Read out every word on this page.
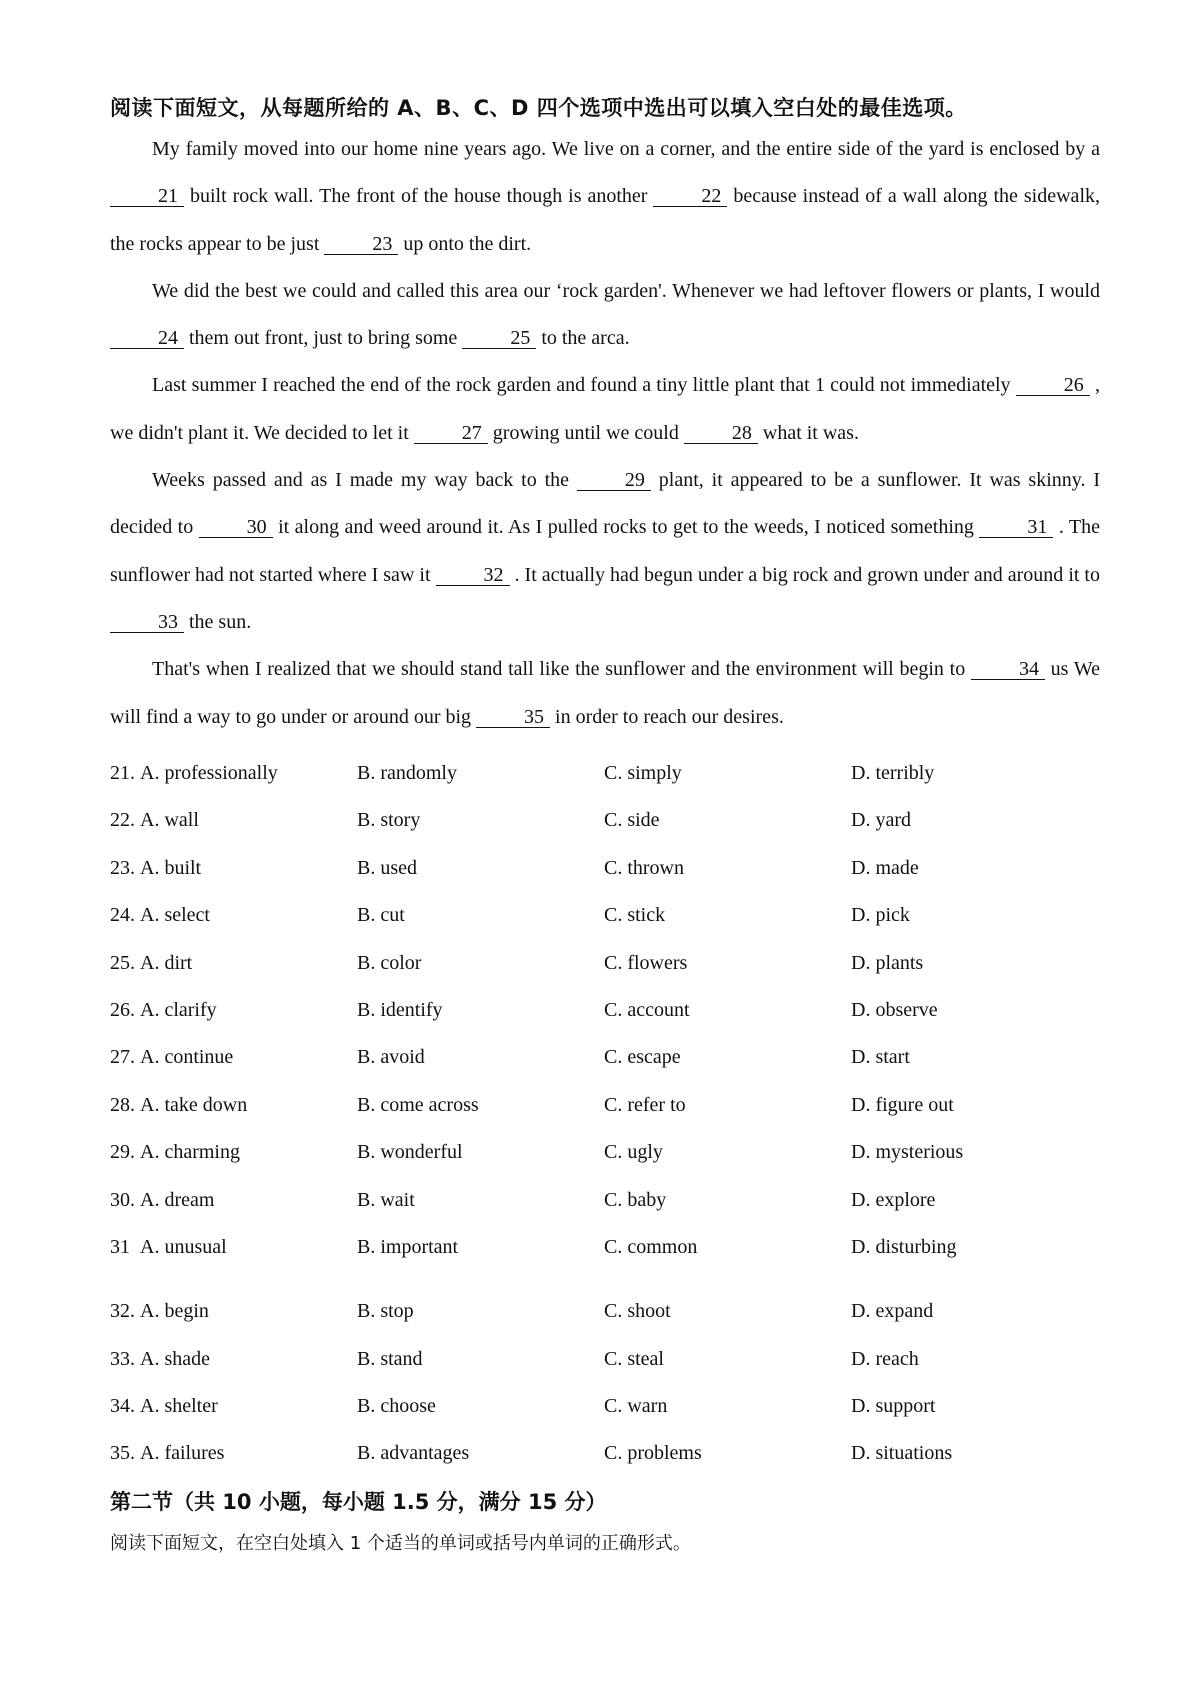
阅读下面短文，从每题所给的 A、B、C、D 四个选项中选出可以填入空白处的最佳选项。

My family moved into our home nine years ago. We live on a corner, and the entire side of the yard is enclosed by a 21 built rock wall. The front of the house though is another 22 because instead of a wall along the sidewalk, the rocks appear to be just 23 up onto the dirt.

We did the best we could and called this area our ‘rock garden'. Whenever we had leftover flowers or plants, I would 24 them out front, just to bring some 25 to the arca.

Last summer I reached the end of the rock garden and found a tiny little plant that 1 could not immediately 26 , we didn't plant it. We decided to let it 27 growing until we could 28 what it was.

Weeks passed and as I made my way back to the 29 plant, it appeared to be a sunflower. It was skinny. I decided to 30 it along and weed around it. As I pulled rocks to get to the weeds, I noticed something 31 . The sunflower had not started where I saw it 32 . It actually had begun under a big rock and grown under and around it to 33 the sun.

That's when I realized that we should stand tall like the sunflower and the environment will begin to 34 us We will find a way to go under or around our big 35 in order to reach our desires.

21. A. professionally	B. randomly	C. simply	D. terribly
22. A. wall	B. story	C. side	D. yard
23. A. built	B. used	C. thrown	D. made
24. A. select	B. cut	C. stick	D. pick
25. A. dirt	B. color	C. flowers	D. plants
26. A. clarify	B. identify	C. account	D. observe
27. A. continue	B. avoid	C. escape	D. start
28. A. take down	B. come across	C. refer to	D. figure out
29. A. charming	B. wonderful	C. ugly	D. mysterious
30. A. dream	B. wait	C. baby	D. explore
31 A. unusual	B. important	C. common	D. disturbing
32. A. begin	B. stop	C. shoot	D. expand
33. A. shade	B. stand	C. steal	D. reach
34. A. shelter	B. choose	C. warn	D. support
35. A. failures	B. advantages	C. problems	D. situations
第二节（共 10 小题，每小题 1.5 分，满分 15 分）
阅读下面短文，在空白处填入 1 个适当的单词或括号内单词的正确形式。
